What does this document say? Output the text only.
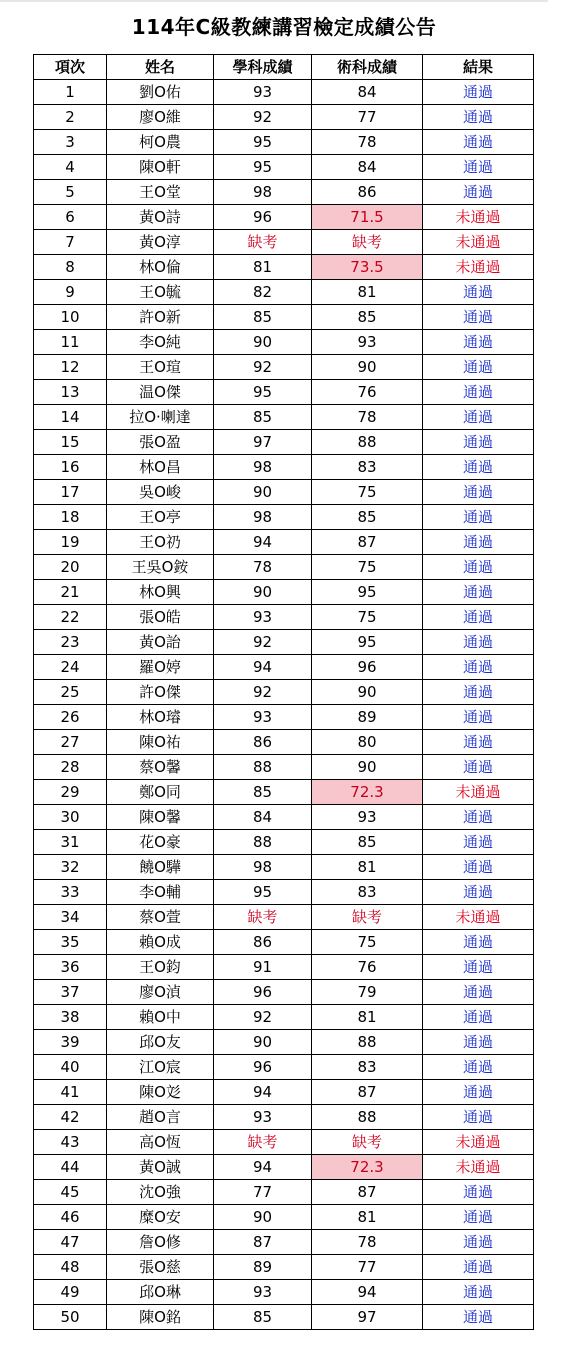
114年C級教練講習檢定成績公告
項次	姓名	學科成績	術科成績	結果
1	劉O佑	93	84	通過
2	廖O維	92	77	通過
3	柯O農	95	78	通過
4	陳O軒	95	84	通過
5	王O堂	98	86	通過
6	黃O詩	96	71.5	未通過
7	黃O淳	缺考	缺考	未通過
8	林O倫	81	73.5	未通過
9	王O毓	82	81	通過
10	許O新	85	85	通過
11	李O純	90	93	通過
12	王O瑄	92	90	通過
13	温O傑	95	76	通過
14	拉O‧喇達	85	78	通過
15	張O盈	97	88	通過
16	林O昌	98	83	通過
17	吳O峻	90	75	通過
18	王O亭	98	85	通過
19	王O礽	94	87	通過
20	王吳O銨	78	75	通過
21	林O興	90	95	通過
22	張O皓	93	75	通過
23	黃O詒	92	95	通過
24	羅O婷	94	96	通過
25	許O傑	92	90	通過
26	林O璿	93	89	通過
27	陳O祐	86	80	通過
28	蔡O馨	88	90	通過
29	鄭O同	85	72.3	未通過
30	陳O馨	84	93	通過
31	花O豪	88	85	通過
32	饒O驊	98	81	通過
33	李O輔	95	83	通過
34	蔡O萱	缺考	缺考	未通過
35	賴O成	86	75	通過
36	王O鈞	91	76	通過
37	廖O湞	96	79	通過
38	賴O中	92	81	通過
39	邱O友	90	88	通過
40	江O宸	96	83	通過
41	陳O彣	94	87	通過
42	趙O言	93	88	通過
43	高O恆	缺考	缺考	未通過
44	黃O誠	94	72.3	未通過
45	沈O強	77	87	通過
46	糜O安	90	81	通過
47	詹O修	87	78	通過
48	張O慈	89	77	通過
49	邱O琳	93	94	通過
50	陳O銘	85	97	通過
